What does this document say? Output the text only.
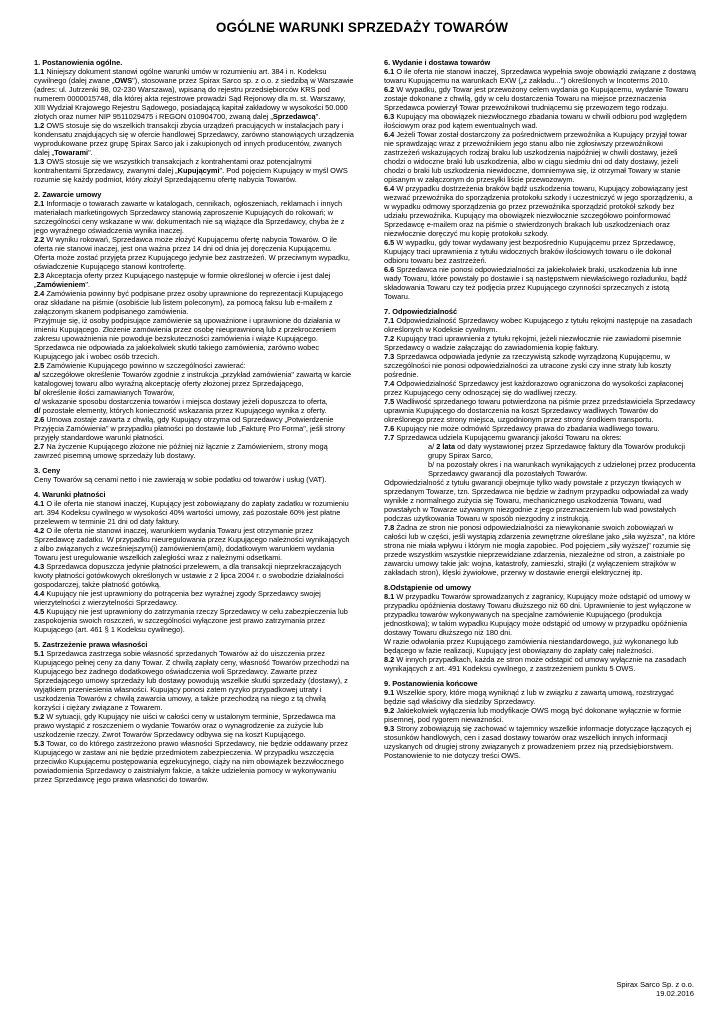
OGÓLNE WARUNKI SPRZEDAŻY TOWARÓW
1. Postanowienia ogólne.
1.1 Niniejszy dokument stanowi ogólne warunki umów w rozumieniu art. 384 i n. Kodeksu cywilnego (dalej zwane „OWS"), stosowane przez Spirax Sarco sp. z o.o. z siedzibą w Warszawie (adres: ul. Jutrzenki 98, 02-230 Warszawa), wpisaną do rejestru przedsiębiorców KRS pod numerem 0000015748, dla której akta rejestrowe prowadzi Sąd Rejonowy dla m. st. Warszawy, XIII Wydział Krajowego Rejestru Sądowego, posiadającą kapitał zakładowy w wysokości 50.000 złotych oraz numer NIP 9511029475 i REGON 010904700, zwaną dalej „Sprzedawcą".
1.2 OWS stosuje się do wszelkich transakcji zbycia urządzeń pracujących w instalacjach pary i kondensatu znajdujących się w ofercie handlowej Sprzedawcy, zarówno stanowiących urządzenia wyprodukowane przez grupę Spirax Sarco jak i zakupionych od innych producentów, zwanych dalej „Towarami".
1.3 OWS stosuje się we wszystkich transakcjach z kontrahentami oraz potencjalnymi kontrahentami Sprzedawcy, zwanymi dalej „Kupującymi". Pod pojęciem Kupujący w myśl OWS rozumie się każdy podmiot, który złożył Sprzedającemu ofertę nabycia Towarów.
2. Zawarcie umowy
2.1 Informacje o towarach zawarte w katalogach, cennikach, ogłoszeniach, reklamach i innych materiałach marketingowych Sprzedawcy stanowią zaproszenie Kupujących do rokowań; w szczególności ceny wskazane w ww. dokumentach nie są wiążące dla Sprzedawcy, chyba że z jego wyraźnego oświadczenia wynika inaczej.
2.2 W wyniku rokowań, Sprzedawca może złożyć Kupującemu ofertę nabycia Towarów. O ile oferta nie stanowi inaczej, jest ona ważna przez 14 dni od dnia jej doręczenia Kupującemu. Oferta może zostać przyjęta przez Kupującego jedynie bez zastrzeżeń. W przeciwnym wypadku, oświadczenie Kupującego stanowi kontrofertę.
2.3 Akceptacja oferty przez Kupującego następuje w formie określonej w ofercie i jest dalej „Zamówieniem".
2.4 Zamówienia powinny być podpisane przez osoby uprawnione do reprezentacji Kupującego oraz składane na piśmie (osobiście lub listem poleconym), za pomocą faksu lub e-mailem z załączonym skanem podpisanego zamówienia.
Przyjmuje się, iż osoby podpisujące zamówienie są upoważnione i uprawnione do działania w imieniu Kupującego. Złożenie zamówienia przez osobę nieuprawnioną lub z przekroczeniem zakresu upoważnienia nie powoduje bezskuteczności zamówienia i wiąże Kupującego. Sprzedawca nie odpowiada za jakiekolwiek skutki takiego zamówienia, zarówno wobec Kupującego jak i wobec osób trzecich.
2.5 Zamówienie Kupującego powinno w szczególności zawierać:
a/ szczegółowe określenie Towarów zgodnie z instrukcja „przykład zamówienia" zawartą w karcie katalogowej towaru albo wyraźną akceptację oferty złożonej przez Sprzedającego,
b/ określenie ilości zamawianych Towarów,
c/ wskazanie sposobu dostarczenia towarów i miejsca dostawy jeżeli dopuszcza to oferta,
d/ pozostałe elementy, których konieczność wskazania przez Kupującego wynika z oferty.
2.6 Umowa zostaje zawarta z chwilą, gdy Kupujący otrzyma od Sprzedawcy „Potwierdzenie Przyjęcia Zamówienia" w przypadku płatności po dostawie lub „Fakturę Pro Forma", jeśli strony przyjęły standardowe warunki płatności.
2.7 Na życzenie Kupującego złożone nie później niż łącznie z Zamówieniem, strony mogą zawrzeć pisemną umowę sprzedaży lub dostawy.
3. Ceny
Ceny Towarów są cenami netto i nie zawierają w sobie podatku od towarów i usług (VAT).
4. Warunki płatności
4.1 O ile oferta nie stanowi inaczej, Kupujący jest zobowiązany do zapłaty zadatku w rozumieniu art. 394 Kodeksu cywilnego w wysokości 40% wartości umowy, zaś pozostałe 60% jest płatne przelewem w terminie 21 dni od daty faktury.
4.2 O ile oferta nie stanowi inaczej, warunkiem wydania Towaru jest otrzymanie przez Sprzedawcę zadatku. W przypadku nieuregulowania przez Kupującego należności wynikających z albo związanych z wcześniejszym(i) zamówieniem(ami), dodatkowym warunkiem wydania Towaru jest uregulowanie wszelkich zaległości wraz z należnymi odsetkami.
4.3 Sprzedawca dopuszcza jedynie płatności przelewem, a dla transakcji nieprzekraczających kwoty płatności gotówkowych określonych w ustawie z 2 lipca 2004 r. o swobodzie działalności gospodarczej, także płatność gotówką.
4.4 Kupujący nie jest uprawniony do potrącenia bez wyraźnej zgody Sprzedawcy swojej wierzytelności z wierzytelności Sprzedawcy.
4.5 Kupujący nie jest uprawniony do zatrzymania rzeczy Sprzedawcy w celu zabezpieczenia lub zaspokojenia swoich roszczeń, w szczególności wyłączone jest prawo zatrzymania przez Kupującego (art. 461 § 1 Kodeksu cywilnego).
5. Zastrzeżenie prawa własności
5.1 Sprzedawca zastrzega sobie własność sprzedanych Towarów aż do uiszczenia przez Kupującego pełnej ceny za dany Towar. Z chwilą zapłaty ceny, własność Towarów przechodzi na Kupującego bez żadnego dodatkowego oświadczenia woli Sprzedawcy. Zawarte przez Sprzedającego umowy sprzedaży lub dostawy powodują wszelkie skutki sprzedaży (dostawy), z wyjątkiem przeniesienia własności. Kupujący ponosi zatem ryzyko przypadkowej utraty i uszkodzenia Towarów z chwilą zawarcia umowy, a także przechodzą na niego z tą chwilą korzyści i ciężary związane z Towarem.
5.2 W sytuacji, gdy Kupujący nie uiści w całości ceny w ustalonym terminie, Sprzedawca ma prawo wystąpić z roszczeniem o wydanie Towarów oraz o wynagrodzenie za zużycie lub uszkodzenie rzeczy. Zwrot Towarów Sprzedawcy odbywa się na koszt Kupującego.
5.3 Towar, co do którego zastrzeżono prawo własności Sprzedawcy, nie będzie oddawany przez Kupującego w zastaw ani nie będzie przedmiotem zabezpieczenia. W przypadku wszczęcia przeciwko Kupującemu postępowania egzekucyjnego, ciąży na nim obowiązek bezzwłocznego powiadomienia Sprzedawcy o zaistniałym fakcie, a także udzielenia pomocy w wykonywaniu przez Sprzedawcę jego prawa własności do towarów.
6. Wydanie i dostawa towarów
6.1 O ile oferta nie stanowi inaczej, Sprzedawca wypełnia swoje obowiązki związane z dostawą towaru Kupującemu na warunkach EXW („z zakładu...") określonych w Incoterms 2010.
6.2 W wypadku, gdy Towar jest przewożony celem wydania go Kupującemu, wydanie Towaru zostaje dokonane z chwilą, gdy w celu dostarczenia Towaru na miejsce przeznaczenia Sprzedawca powierzył Towar przewoźnikowi trudniącemu się przewozem tego rodzaju.
6.3 Kupujący ma obowiązek niezwłocznego zbadania towaru w chwili odbioru pod względem ilościowym oraz pod kątem ewentualnych wad.
6.4 Jeżeli Towar został dostarczony za pośrednictwem przewoźnika a Kupujący przyjął towar nie sprawdzając wraz z przewoźnikiem jego stanu albo nie zgłosiwszy przewoźnikowi zastrzeżeń wskazujących rodzaj braku lub uszkodzenia najpóźniej w chwili dostawy, jeżeli chodzi o widoczne braki lub uszkodzenia, albo w ciągu siedmiu dni od daty dostawy, jeżeli chodzi o braki lub uszkodzenia niewidoczne, domniemywa się, iż otrzymał Towary w stanie opisanym w załączonym do przesyłki liście przewozowym.
6.4 W przypadku dostrzeżenia braków bądź uszkodzenia towaru, Kupujący zobowiązany jest wezwać przewoźnika do sporządzenia protokołu szkody i uczestniczyć w jego sporządzeniu, a w wypadku odmowy sporządzenia go przez przewoźnika sporządzić protokół szkody bez udziału przewoźnika. Kupujący ma obowiązek niezwłocznie szczegółowo poinformować Sprzedawcę e-mailem oraz na piśmie o stwierdzonych brakach lub uszkodzeniach oraz niezwłocznie doręczyć mu kopię protokołu szkody.
6.5 W wypadku, gdy towar wydawany jest bezpośrednio Kupującemu przez Sprzedawcę, Kupujący traci uprawnienia z tytułu widocznych braków ilościowych towaru o ile dokonał odbioru towaru bez zastrzeżeń.
6.6 Sprzedawca nie ponosi odpowiedzialności za jakiekolwiek braki, uszkodzenia lub inne wady Towaru, które powstały po dostawie i są następstwem niewłaściwego rozładunku, bądź składowania Towaru czy też podjęcia przez Kupującego czynności sprzecznych z istotą Towaru.
7. Odpowiedzialność
7.1 Odpowiedzialność Sprzedawcy wobec Kupującego z tytułu rękojmi następuje na zasadach określonych w Kodeksie cywilnym.
7.2 Kupujący traci uprawnienia z tytułu rękojmi, jeżeli niezwłocznie nie zawiadomi pisemnie Sprzedawcy o wadzie załączając do zawiadomienia kopię faktury.
7.3 Sprzedawca odpowiada jedynie za rzeczywistą szkodę wyrządzoną Kupującemu, w szczególności nie ponosi odpowiedzialności za utracone zyski czy inne straty lub koszty pośrednie.
7.4 Odpowiedzialność Sprzedawcy jest każdorazowo ograniczona do wysokości zapłaconej przez Kupującego ceny odnoszącej się do wadliwej rzeczy.
7.5 Wadliwość sprzedanego towaru potwierdzona na piśmie przez przedstawiciela Sprzedawcy uprawnia Kupującego do dostarczenia na koszt Sprzedawcy wadliwych Towarów do określonego przez strony miejsca, uzgodnionym przez strony środkiem transportu.
7.6 Kupujący nie może odmówić Sprzedawcy prawa do zbadania wadliwego towaru.
7.7 Sprzedawca udziela Kupującemu gwarancji jakości Towaru na okres:
a/ 2 lata od daty wystawionej przez Sprzedawcę faktury dla Towarów produkcji grupy Spirax Sarco,
b/ na pozostały okres i na warunkach wynikających z udzielonej przez producenta Sprzedawcy gwarancji dla pozostałych Towarów.
Odpowiedzialność z tytułu gwarancji obejmuje tylko wady powstałe z przyczyn tkwiących w sprzedanym Towarze, tzn. Sprzedawca nie będzie w żadnym przypadku odpowiadał za wady wynikłe z normalnego zużycia się Towaru, mechanicznego uszkodzenia Towaru, wad powstałych w Towarze używanym niezgodnie z jego przeznaczeniem lub wad powstałych podczas użytkowania Towaru w sposób niezgodny z instrukcją.
7.8 Żadna ze stron nie ponosi odpowiedzialności za niewykonanie swoich zobowiązań w całości lub w części, jeśli wystąpią zdarzenia zewnętrzne określane jako „siła wyższa", na które strona nie miała wpływu i którym nie mogła zapobiec. Pod pojęciem „siły wyższej" rozumie się przede wszystkim wszystkie nieprzewidziane zdarzenia, niezależne od stron, a zaistniałe po zawarciu umowy takie jak: wojna, katastrofy, zamieszki, strajki (z wyłączeniem strajków w zakładach stron), klęski żywiołowe, przerwy w dostawie energii elektrycznej itp.
8.Odstąpienie od umowy
8.1 W przypadku Towarów sprowadzanych z zagranicy, Kupujący może odstąpić od umowy w przypadku opóźnienia dostawy Towaru dłuższego niż 60 dni. Uprawnienie to jest wyłączone w przypadku towarów wykonywanych na specjalne zamówienie Kupującego (produkcja jednostkowa); w takim wypadku Kupujący może odstąpić od umowy w przypadku opóźnienia dostawy Towaru dłuższego niż 180 dni.
W razie odwołania przez Kupującego zamówienia niestandardowego, już wykonanego lub będącego w fazie realizacji, Kupujący jest obowiązany do zapłaty całej należności.
8.2 W innych przypadkach, każda ze stron może odstąpić od umowy wyłącznie na zasadach wynikających z art. 491 Kodeksu cywilnego, z zastrzeżeniem punktu 5 OWS.
9. Postanowienia końcowe
9.1 Wszelkie spory, które mogą wyniknąć z lub w związku z zawartą umową, rozstrzygać będzie sąd właściwy dla siedziby Sprzedawcy.
9.2 Jakiekolwiek wyłączenia lub modyfikacje OWS mogą być dokonane wyłącznie w formie pisemnej, pod rygorem nieważności.
9.3 Strony zobowiązują się zachować w tajemnicy wszelkie informacje dotyczące łączących ej stosunków handlowych, cen i zasad dostawy towarów oraz wszelkich innych informacji uzyskanych od drugiej strony związanych z prowadzeniem przez nią przedsiębiorstwem. Postanowienie to nie dotyczy treści OWS.
Spirax Sarco Sp. z o.o.
19.02.2016
